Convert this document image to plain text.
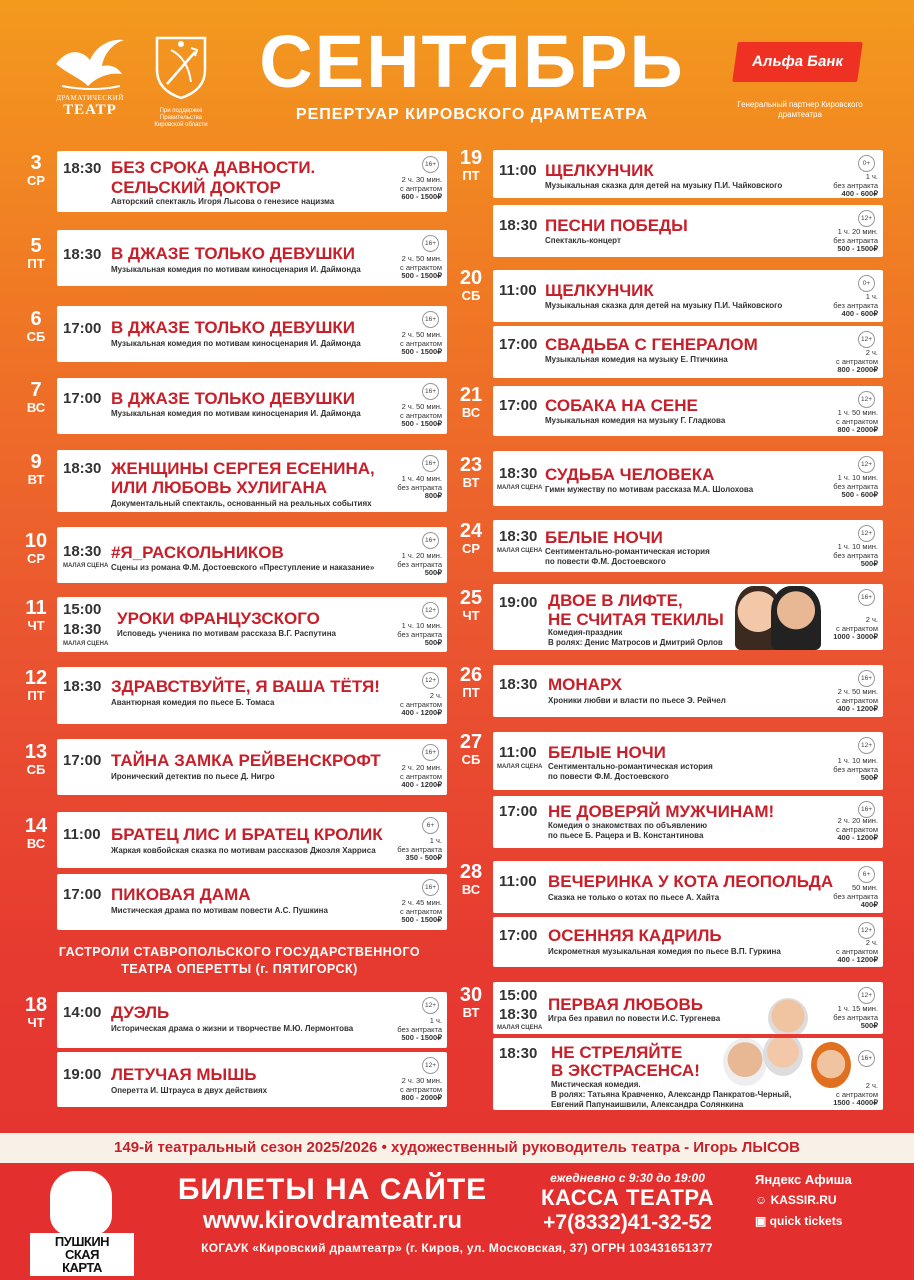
ДРАМАТИЧЕСКИЙ
ТЕАТР	При поддержке Правительства Кировской области
СЕНТЯБРЬ
РЕПЕРТУАР КИРОВСКОГО ДРАМТЕАТРА
Альфа Банк
Генеральный партнер Кировского драмтеатра
3
СР
5
ПТ
6
СБ
7
ВС
9
ВТ
10
СР
11
ЧТ
12
ПТ
13
СБ
14
ВС
18
ЧТ
19
ПТ
20
СБ
21
ВС
23
ВТ
24
СР
25
ЧТ
26
ПТ
27
СБ
28
ВС
30
ВТ
18:30 БЕЗ СРОКА ДАВНОСТИ.
СЕЛЬСКИЙ ДОКТОР
Авторский спектакль Игоря Лысова о генезисе нацизма
16+
2 ч. 30 мин.
с антрактом
600 - 1500₽
18:30 В ДЖАЗЕ ТОЛЬКО ДЕВУШКИ
Музыкальная комедия по мотивам киносценария И. Даймонда
16+
2 ч. 50 мин.
с антрактом
500 - 1500₽
17:00 В ДЖАЗЕ ТОЛЬКО ДЕВУШКИ
Музыкальная комедия по мотивам киносценария И. Даймонда
16+
2 ч. 50 мин.
с антрактом
500 - 1500₽
17:00 В ДЖАЗЕ ТОЛЬКО ДЕВУШКИ
Музыкальная комедия по мотивам киносценария И. Даймонда
16+
2 ч. 50 мин.
с антрактом
500 - 1500₽
18:30 ЖЕНЩИНЫ СЕРГЕЯ ЕСЕНИНА,
ИЛИ ЛЮБОВЬ ХУЛИГАНА
Документальный спектакль, основанный на реальных событиях
16+
1 ч. 40 мин.
без антракта
800₽
18:30
МАЛАЯ СЦЕНА
#Я_РАСКОЛЬНИКОВ
Сцены из романа Ф.М. Достоевского «Преступление и наказание»
16+
1 ч. 20 мин.
без антракта
500₽
15:00
18:30
МАЛАЯ СЦЕНА
УРОКИ ФРАНЦУЗСКОГО
Исповедь ученика по мотивам рассказа В.Г. Распутина
12+
1 ч. 10 мин.
без антракта
500₽
18:30 ЗДРАВСТВУЙТЕ, Я ВАША ТЁТЯ!
Авантюрная комедия по пьесе Б. Томаса
12+
2 ч.
с антрактом
400 - 1200₽
17:00 ТАЙНА ЗАМКА РЕЙВЕНСКРОФТ
Иронический детектив по пьесе Д. Нигро
16+
2 ч. 20 мин.
с антрактом
400 - 1200₽
11:00 БРАТЕЦ ЛИС И БРАТЕЦ КРОЛИК
Жаркая ковбойская сказка по мотивам рассказов Джоэля Харриса
6+
1 ч.
без антракта
350 - 500₽
17:00 ПИКОВАЯ ДАМА
Мистическая драма по мотивам повести А.С. Пушкина
16+
2 ч. 45 мин.
с антрактом
500 - 1500₽
ГАСТРОЛИ СТАВРОПОЛЬСКОГО ГОСУДАРСТВЕННОГО
ТЕАТРА ОПЕРЕТТЫ (г. ПЯТИГОРСК)
14:00 ДУЭЛЬ
Историческая драма о жизни и творчестве М.Ю. Лермонтова
12+
1 ч.
без антракта
500 - 1500₽
19:00 ЛЕТУЧАЯ МЫШЬ
Оперетта И. Штрауса в двух действиях
12+
2 ч. 30 мин.
с антрактом
800 - 2000₽
11:00 ЩЕЛКУНЧИК
Музыкальная сказка для детей на музыку П.И. Чайковского
0+
1 ч.
без антракта
400 - 600₽
18:30 ПЕСНИ ПОБЕДЫ
Спектакль-концерт
12+
1 ч. 20 мин.
без антракта
500 - 1500₽
11:00 ЩЕЛКУНЧИК
Музыкальная сказка для детей на музыку П.И. Чайковского
0+
1 ч.
без антракта
400 - 600₽
17:00 СВАДЬБА С ГЕНЕРАЛОМ
Музыкальная комедия на музыку Е. Птичкина
12+
2 ч.
с антрактом
800 - 2000₽
17:00 СОБАКА НА СЕНЕ
Музыкальная комедия на музыку Г. Гладкова
12+
1 ч. 50 мин.
с антрактом
800 - 2000₽
18:30
МАЛАЯ СЦЕНА
СУДЬБА ЧЕЛОВЕКА
Гимн мужеству по мотивам рассказа М.А. Шолохова
12+
1 ч. 10 мин.
без антракта
500 - 600₽
18:30
МАЛАЯ СЦЕНА
БЕЛЫЕ НОЧИ
Сентиментально-романтическая история
по повести Ф.М. Достоевского
12+
1 ч. 10 мин.
без антракта
500₽
19:00 ДВОЕ В ЛИФТЕ,
НЕ СЧИТАЯ ТЕКИЛЫ
Комедия-праздник
В ролях: Денис Матросов и Дмитрий Орлов
16+
2 ч.
с антрактом
1000 - 3000₽
18:30 МОНАРХ
Хроники любви и власти по пьесе Э. Рейчел
16+
2 ч. 50 мин.
с антрактом
400 - 1200₽
11:00
МАЛАЯ СЦЕНА
БЕЛЫЕ НОЧИ
Сентиментально-романтическая история
по повести Ф.М. Достоевского
12+
1 ч. 10 мин.
без антракта
500₽
17:00 НЕ ДОВЕРЯЙ МУЖЧИНАМ!
Комедия о знакомствах по объявлению
по пьесе Б. Рацера и В. Константинова
16+
2 ч. 20 мин.
с антрактом
400 - 1200₽
11:00 ВЕЧЕРИНКА У КОТА ЛЕОПОЛЬДА
Сказка не только о котах по пьесе А. Хайта
6+
50 мин.
без антракта
400₽
17:00 ОСЕННЯЯ КАДРИЛЬ
Искрометная музыкальная комедия по пьесе В.П. Гуркина
12+
2 ч.
с антрактом
400 - 1200₽
15:00
18:30
МАЛАЯ СЦЕНА
ПЕРВАЯ ЛЮБОВЬ
Игра без правил по повести И.С. Тургенева
12+
1 ч. 15 мин.
без антракта
500₽
18:30 НЕ СТРЕЛЯЙТЕ
В ЭКСТРАСЕНСА!
Мистическая комедия.
В ролях: Татьяна Кравченко, Александр Панкратов-Черный,
Евгений Папунаишвили, Александра Солянкина
16+
2 ч.
с антрактом
1500 - 4000₽
149-й театральный сезон 2025/2026 • художественный руководитель театра - Игорь ЛЫСОВ
ПУШКИН
СКАЯ
КАРТА
БИЛЕТЫ НА САЙТЕ
www.kirovdramteatr.ru
ежедневно с 9:30 до 19:00
КАССА ТЕАТРА
+7(8332)41-32-52
Яндекс Афиша
☺ KASSIR.RU
▣ quick tickets
КОГАУК «Кировский драмтеатр» (г. Киров, ул. Московская, 37) ОГРН 103431651377
